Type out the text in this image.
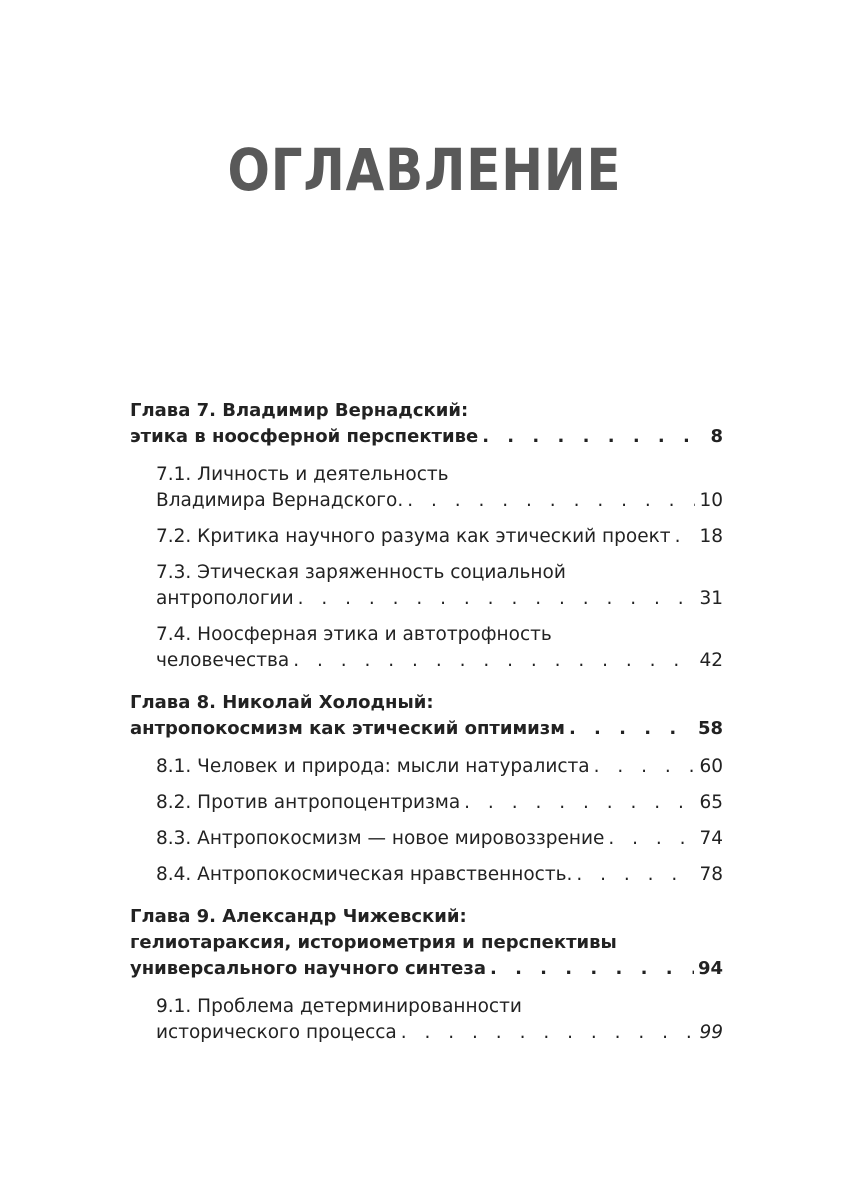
ОГЛАВЛЕНИЕ
Глава 7. Владимир Вернадский:
этика в ноосферной перспективе . . .	8
7.1. Личность и деятельность
Владимира Вернадского. . . .	10
7.2. Критика научного разума как этический проект . . . 18
7.3. Этическая заряженность социальной
антропологии . . .	31
7.4. Ноосферная этика и автотрофность
человечества . . .	42
Глава 8. Николай Холодный:
антропокосмизм как этический оптимизм . . .	58
8.1. Человек и природа: мысли натуралиста . . .	60
8.2. Против антропоцентризма . . .	65
8.3. Антропокосмизм — новое мировоззрение . . .	74
8.4. Антропокосмическая нравственность. . . .	78
Глава 9. Александр Чижевский:
гелиотараксия, историометрия и перспективы
универсального научного синтеза . . .	94
9.1. Проблема детерминированности
исторического процесса . . .	99
